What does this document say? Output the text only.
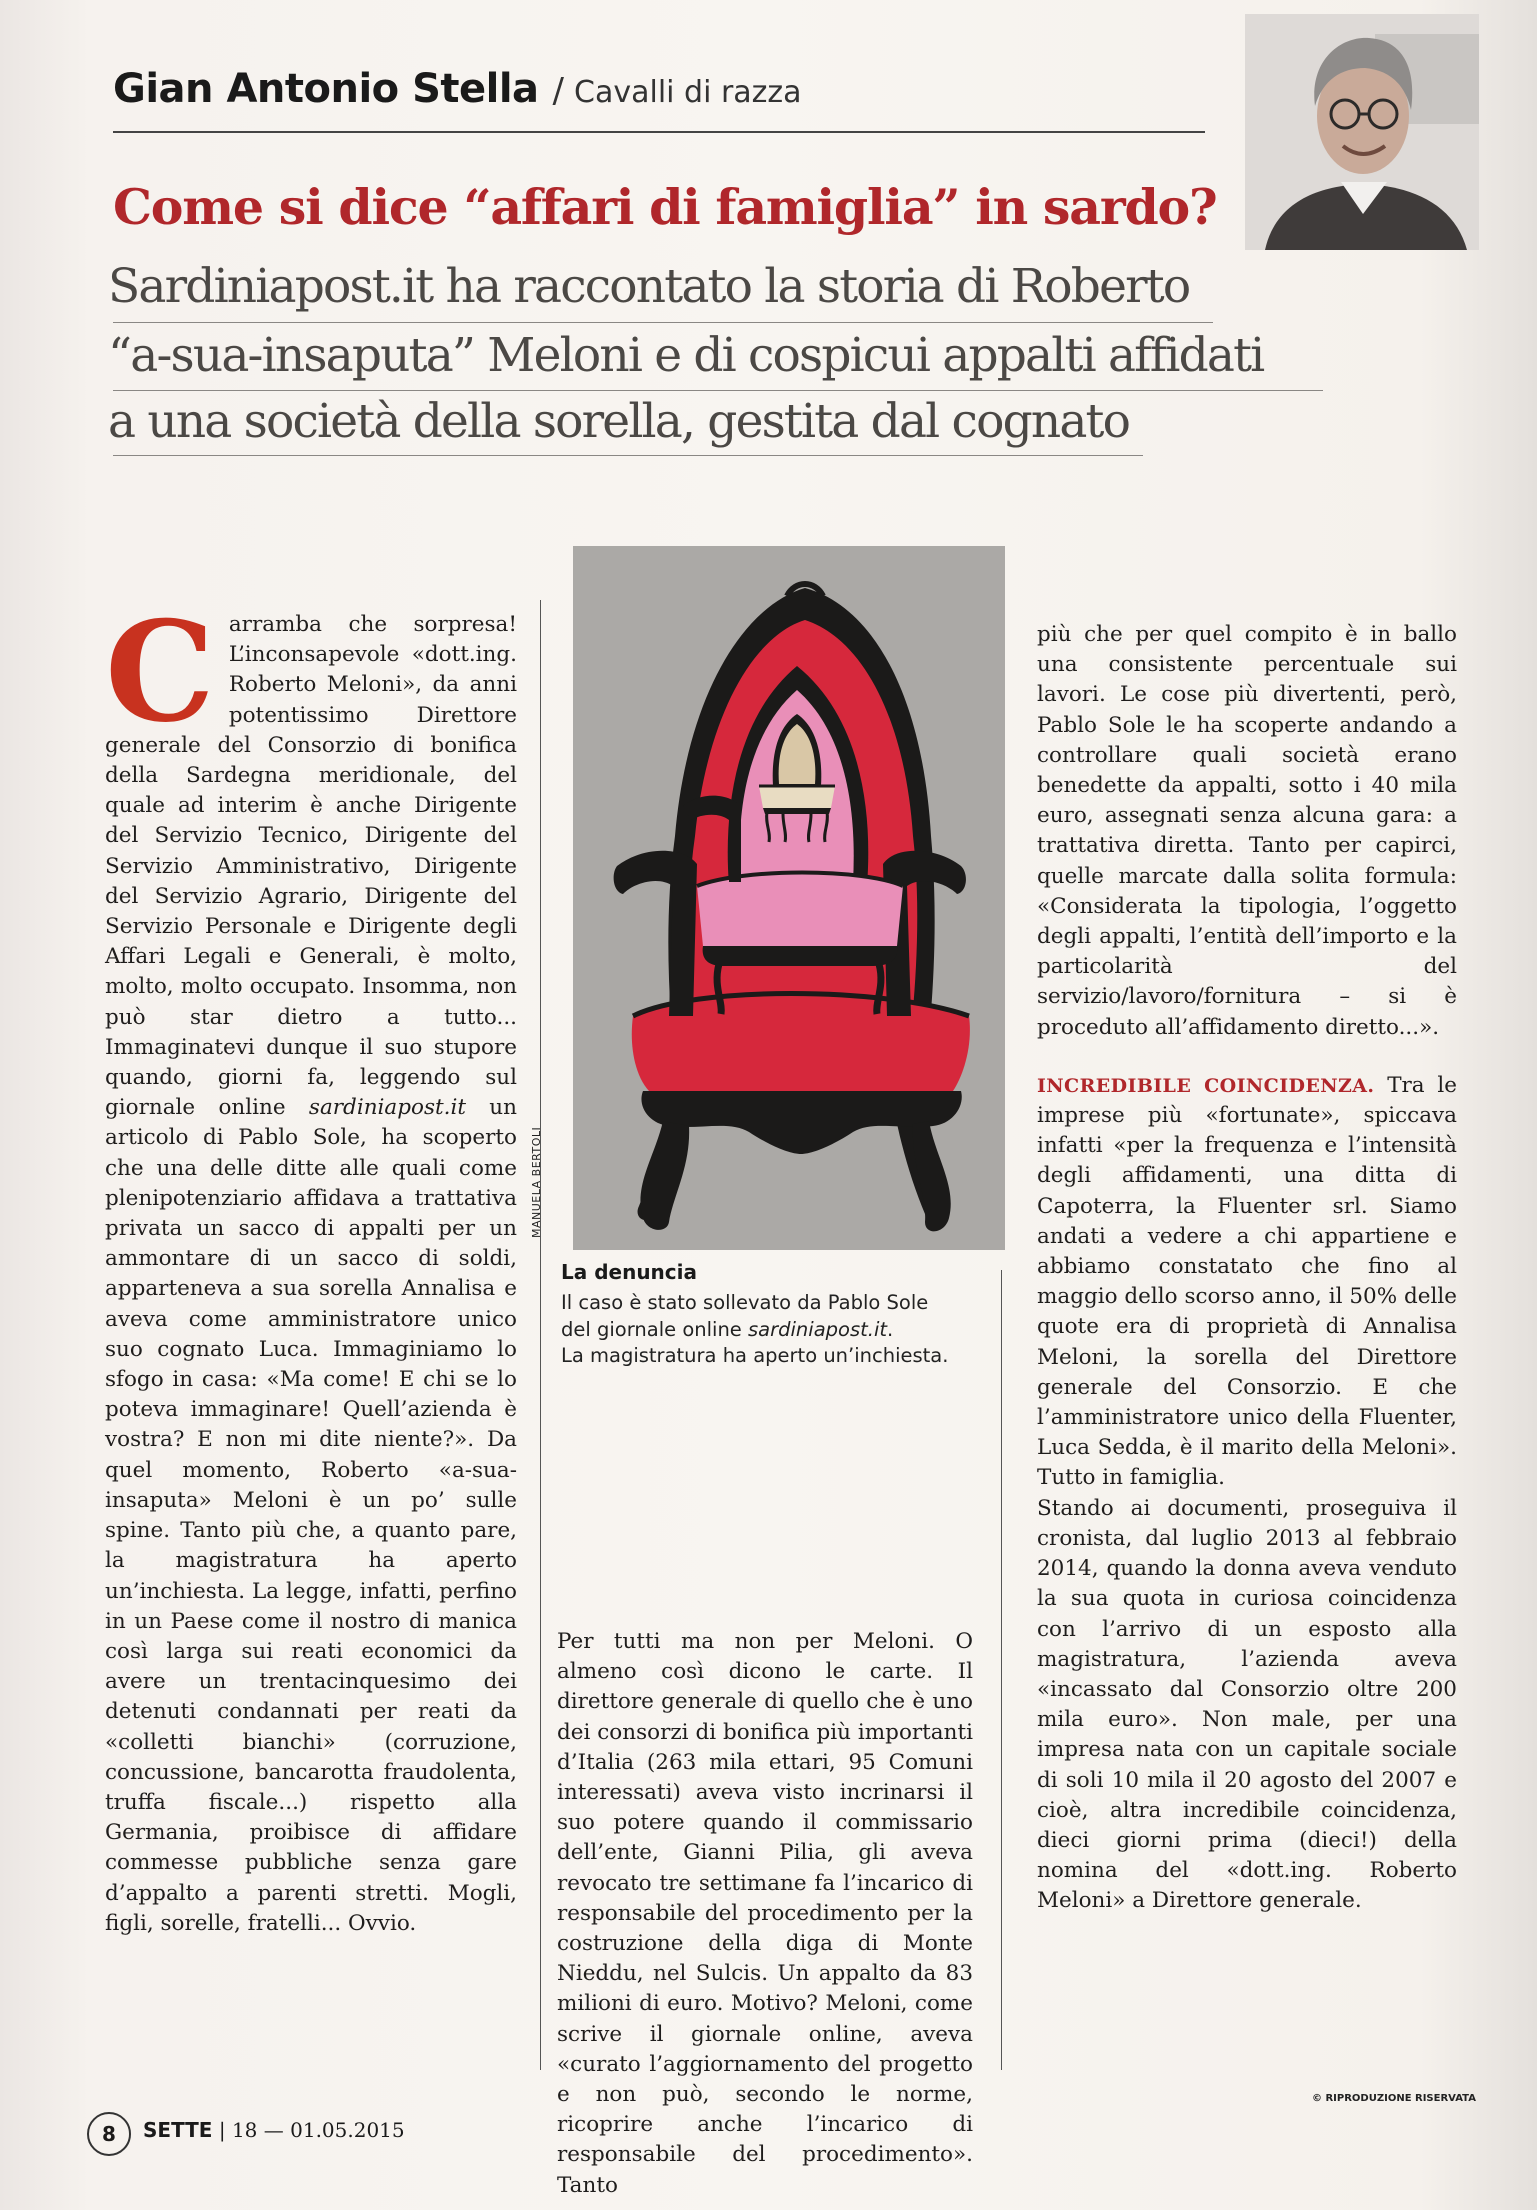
Gian Antonio Stella / Cavalli di razza
Come si dice “affari di famiglia” in sardo?
Sardiniapost.it ha raccontato la storia di Roberto
“a-sua-insaputa” Meloni e di cospicui appalti affidati
a una società della sorella, gestita dal cognato
C arramba che sorpresa! L’inconsapevole «dott.ing. Roberto Meloni», da anni potentissimo Direttore generale del Consorzio di bonifica della Sardegna meridionale, del quale ad interim è anche Dirigente del Servizio Tecnico, Dirigente del Servizio Amministrativo, Dirigente del Servizio Agrario, Dirigente del Servizio Personale e Dirigente degli Affari Legali e Generali, è molto, molto, molto occupato. Insomma, non può star dietro a tutto... Immaginatevi dunque il suo stupore quando, giorni fa, leggendo sul giornale online sardiniapost.it un articolo di Pablo Sole, ha scoperto che una delle ditte alle quali come plenipotenziario affidava a trattativa privata un sacco di appalti per un ammontare di un sacco di soldi, apparteneva a sua sorella Annalisa e aveva come amministratore unico suo cognato Luca. Immaginiamo lo sfogo in casa: «Ma come! E chi se lo poteva immaginare! Quell’azienda è vostra? E non mi dite niente?». Da quel momento, Roberto «a-sua-insaputa» Meloni è un po’ sulle spine. Tanto più che, a quanto pare, la magistratura ha aperto un’inchiesta. La legge, infatti, perfino in un Paese come il nostro di manica così larga sui reati economici da avere un trentacinquesimo dei detenuti condannati per reati da «colletti bianchi» (corruzione, concussione, bancarotta fraudolenta, truffa fiscale...) rispetto alla Germania, proibisce di affidare commesse pubbliche senza gare d’appalto a parenti stretti. Mogli, figli, sorelle, fratelli... Ovvio.

MANUELA BERTOLI
La denuncia
Il caso è stato sollevato da Pablo Sole
del giornale online sardiniapost.it.
La magistratura ha aperto un’inchiesta.

Per tutti ma non per Meloni. O almeno così dicono le carte. Il direttore generale di quello che è uno dei consorzi di bonifica più importanti d’Italia (263 mila ettari, 95 Comuni interessati) aveva visto incrinarsi il suo potere quando il commissario dell’ente, Gianni Pilia, gli aveva revocato tre settimane fa l’incarico di responsabile del procedimento per la costruzione della diga di Monte Nieddu, nel Sulcis. Un appalto da 83 milioni di euro. Motivo? Meloni, come scrive il giornale online, aveva «curato l’aggiornamento del progetto e non può, secondo le norme, ricoprire anche l’incarico di responsabile del procedimento». Tanto

più che per quel compito è in ballo una consistente percentuale sui lavori. Le cose più divertenti, però, Pablo Sole le ha scoperte andando a controllare quali società erano benedette da appalti, sotto i 40 mila euro, assegnati senza alcuna gara: a trattativa diretta. Tanto per capirci, quelle marcate dalla solita formula: «Considerata la tipologia, l’oggetto degli appalti, l’entità dell’importo e la particolarità del servizio/lavoro/fornitura – si è proceduto all’affidamento diretto...».

INCREDIBILE COINCIDENZA. Tra le imprese più «fortunate», spiccava infatti «per la frequenza e l’intensità degli affidamenti, una ditta di Capoterra, la Fluenter srl. Siamo andati a vedere a chi appartiene e abbiamo constatato che fino al maggio dello scorso anno, il 50% delle quote era di proprietà di Annalisa Meloni, la sorella del Direttore generale del Consorzio. E che l’amministratore unico della Fluenter, Luca Sedda, è il marito della Meloni». Tutto in famiglia.

Stando ai documenti, proseguiva il cronista, dal luglio 2013 al febbraio 2014, quando la donna aveva venduto la sua quota in curiosa coincidenza con l’arrivo di un esposto alla magistratura, l’azienda aveva «incassato dal Consorzio oltre 200 mila euro». Non male, per una impresa nata con un capitale sociale di soli 10 mila il 20 agosto del 2007 e cioè, altra incredibile coincidenza, dieci giorni prima (dieci!) della nomina del «dott.ing. Roberto Meloni» a Direttore generale.

© RIPRODUZIONE RISERVATA
8	SETTE | 18 — 01.05.2015
